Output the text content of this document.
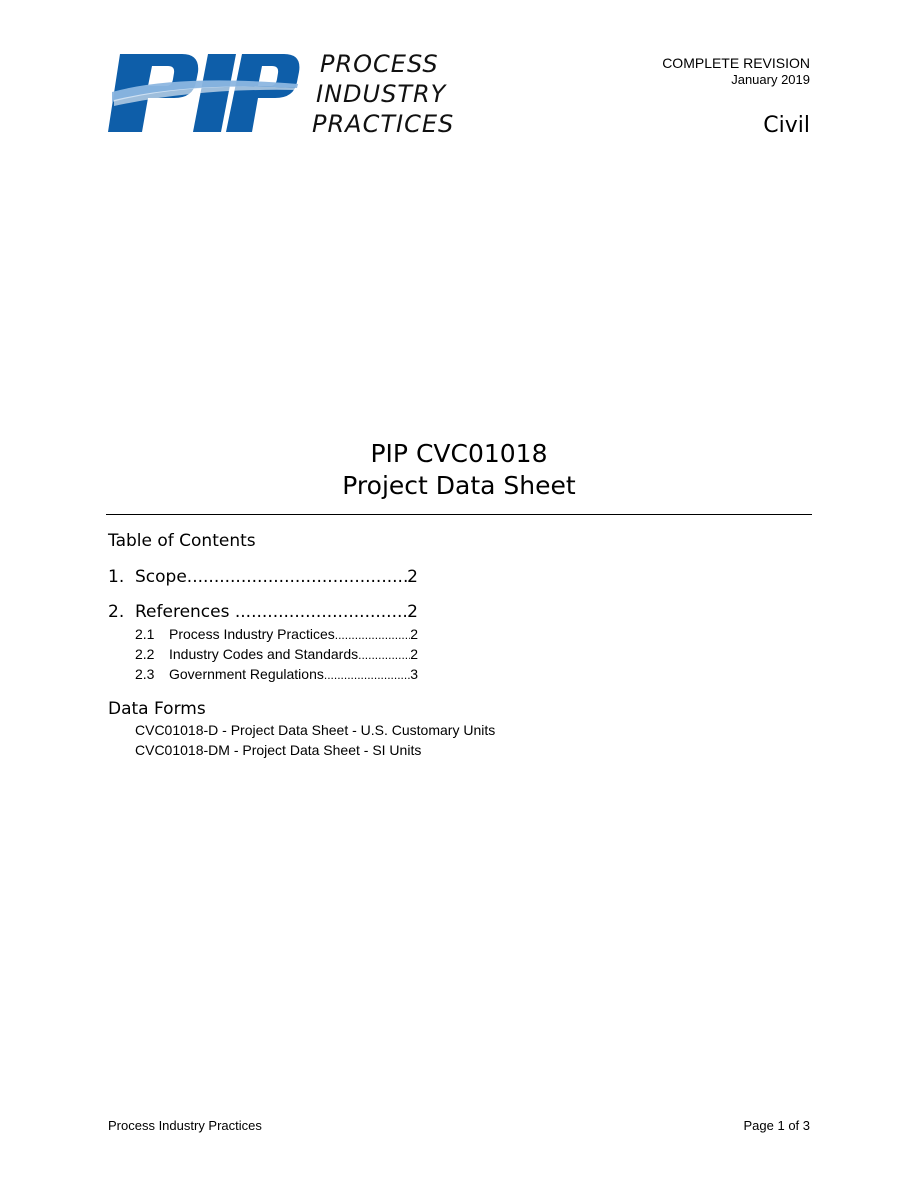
PROCESS
INDUSTRY
PRACTICES
COMPLETE REVISION
January 2019
Civil
PIP CVC01018
Project Data Sheet
Table of Contents
1. Scope .....	2
2. References .....	2
2.1	Process Industry Practices .....	2
2.2	Industry Codes and Standards .....	2
2.3	Government Regulations .....	3
Data Forms
CVC01018-D - Project Data Sheet - U.S. Customary Units
CVC01018-DM - Project Data Sheet - SI Units
Process Industry Practices	Page 1 of 3
